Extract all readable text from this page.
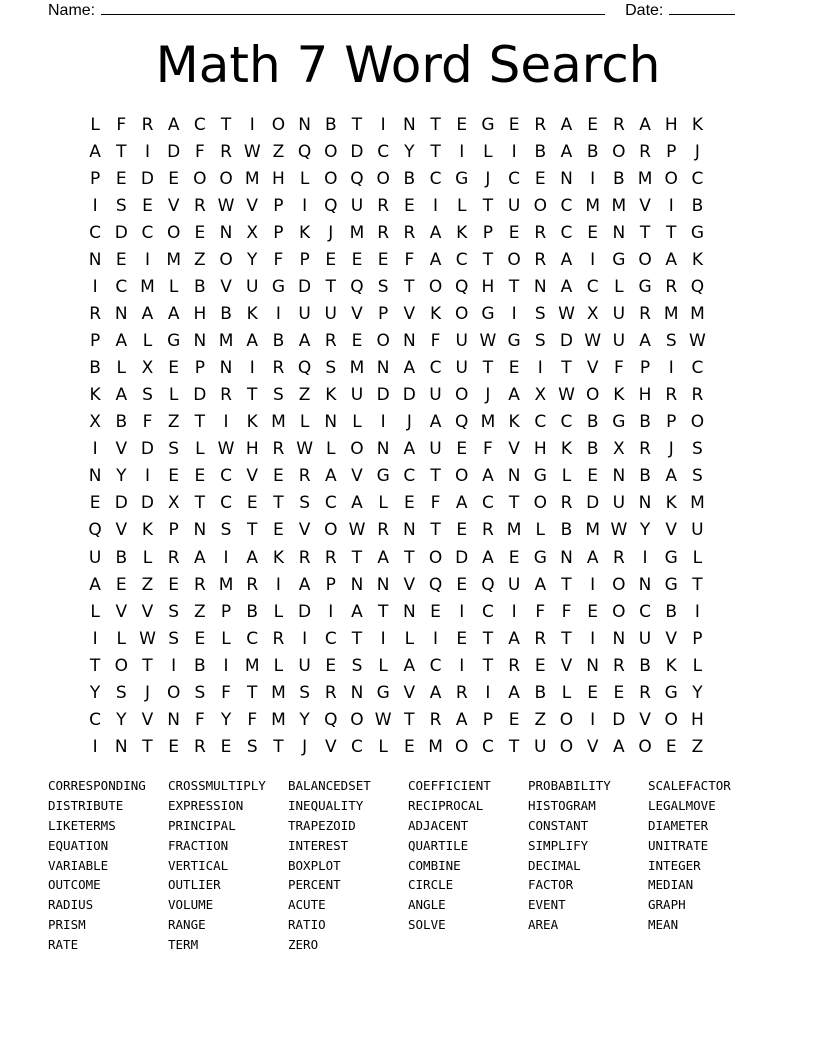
Name:	Date:
Math 7 Word Search
L F R A C T	I O N B T	I	N T E G E R A E R A H K
A T	I	D F R W Z Q O D C Y T	I	L	I	B A B O R P	J
P E D E O O M H L O Q O B C G	J	C E N	I	B M O C
I	S E V R W V P	I Q U R E	I	L T U O C M M V	I	B
C D C O E N X P K	J M R R A K P E R C E N T T G
N E	I M Z O Y F P E E E F A C T O R A	I	G O A K
I	C M L B V U G D T Q S T O Q H T N A C L G R Q
R N A A H B K	I	U U V P V K O G	I	S W X U R M M
P A L G N M A B A R E O N F U W G S D W U A S W
B L X E P N	I	R Q S M N A C U T E	I	T V F P	I	C
K A S L D R T S Z K U D D U O J	A X W O K H R R
X B F Z T	I	K M L N L	I	J	A Q M K C C B G B P O
I	V D S L W H R W L O N A U E F V H K B X R	J	S
N Y	I	E E C V E R A V G C T O A N G L E N B A S
E D D X T C E T S C A L E F A C T O R D U N K M
Q V K P N S T E V O W R N T E R M L B M W Y V U
U B L R A	I	A K R R T A T O D A E G N A R	I	G L
A E Z E R M R	I	A P N N V Q E Q U A T	I O N G T
L V V S Z P B L D	I	A T N E	I	C	I	F F E O C B	I
I	L W S E L C R	I	C T	I	L	I	E T A R T	I	N U V P
T O T	I	B	I M L U E S L A C	I	T R E V N R B K L
Y S	J O S F T M S R N G V A R	I	A B L E E R G Y
C Y V N F Y F M Y Q O W T R A P E Z O I	D V O H
I	N T E R E S T	J	V C L E M O C T U O V A O E Z
CORRESPONDING	CROSSMULTIPLY	BALANCEDSET	COEFFICIENT	PROBABILITY	SCALEFACTOR
DISTRIBUTE	EXPRESSION	INEQUALITY	RECIPROCAL	HISTOGRAM	LEGALMOVE
LIKETERMS	PRINCIPAL	TRAPEZOID	ADJACENT	CONSTANT	DIAMETER
EQUATION	FRACTION	INTEREST	QUARTILE	SIMPLIFY	UNITRATE
VARIABLE	VERTICAL	BOXPLOT	COMBINE	DECIMAL	INTEGER
OUTCOME	OUTLIER	PERCENT	CIRCLE	FACTOR	MEDIAN
RADIUS	VOLUME	ACUTE	ANGLE	EVENT	GRAPH
PRISM	RANGE	RATIO	SOLVE	AREA	MEAN
RATE	TERM	ZERO
